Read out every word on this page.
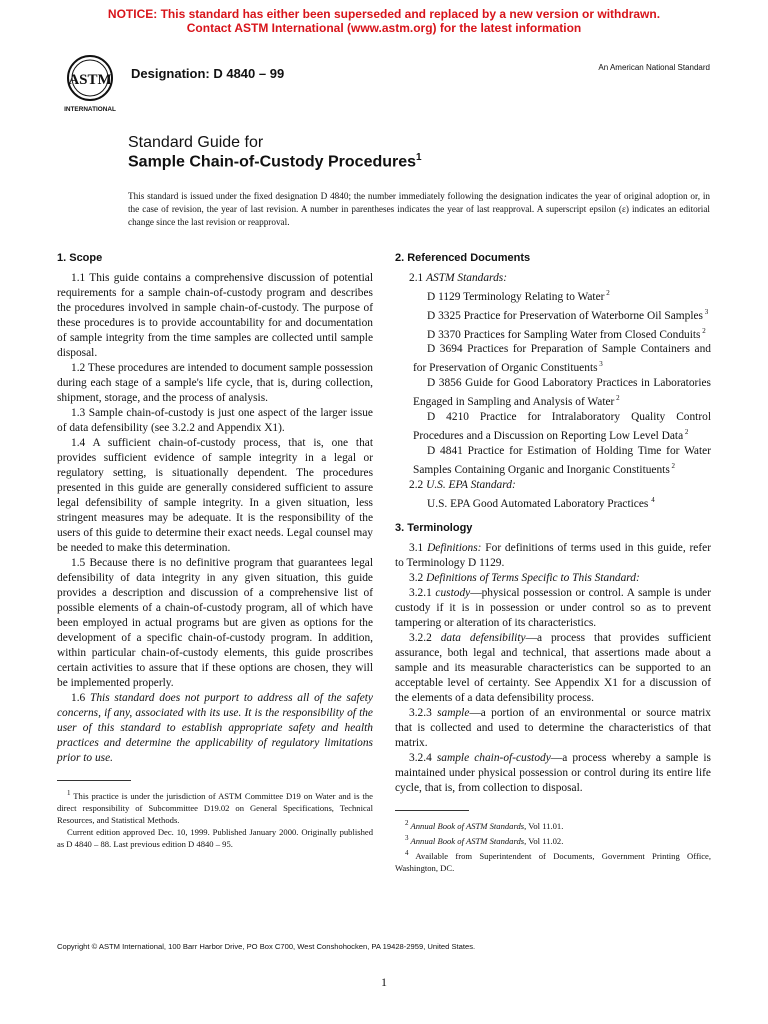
NOTICE: This standard has either been superseded and replaced by a new version or withdrawn.
Contact ASTM International (www.astm.org) for the latest information
ASTM
INTERNATIONAL
Designation: D 4840 – 99	An American National Standard
Standard Guide for
Sample Chain-of-Custody Procedures$^1$
This standard is issued under the fixed designation D 4840; the number immediately following the designation indicates the year of original adoption or, in the case of revision, the year of last revision. A number in parentheses indicates the year of last reapproval. A superscript epsilon (ε) indicates an editorial change since the last revision or reapproval.

1. Scope

1.1 This guide contains a comprehensive discussion of potential requirements for a sample chain-of-custody program and describes the procedures involved in sample chain-of-custody. The purpose of these procedures is to provide accountability for and documentation of sample integrity from the time samples are collected until sample disposal.

1.2 These procedures are intended to document sample possession during each stage of a sample's life cycle, that is, during collection, shipment, storage, and the process of analysis.

1.3 Sample chain-of-custody is just one aspect of the larger issue of data defensibility (see 3.2.2 and Appendix X1).

1.4 A sufficient chain-of-custody process, that is, one that provides sufficient evidence of sample integrity in a legal or regulatory setting, is situationally dependent. The procedures presented in this guide are generally considered sufficient to assure legal defensibility of sample integrity. In a given situation, less stringent measures may be adequate. It is the responsibility of the users of this guide to determine their exact needs. Legal counsel may be needed to make this determination.

1.5 Because there is no definitive program that guarantees legal defensibility of data integrity in any given situation, this guide provides a description and discussion of a comprehensive list of possible elements of a chain-of-custody program, all of which have been employed in actual programs but are given as options for the development of a specific chain-of-custody program. In addition, within particular chain-of-custody elements, this guide proscribes certain activities to assure that if these options are chosen, they will be implemented properly.

1.6 This standard does not purport to address all of the safety concerns, if any, associated with its use. It is the responsibility of the user of this standard to establish appropriate safety and health practices and determine the applicability of regulatory limitations prior to use.

$^1$ This practice is under the jurisdiction of ASTM Committee D19 on Water and is the direct responsibility of Subcommittee D19.02 on General Specifications, Technical Resources, and Statistical Methods.

Current edition approved Dec. 10, 1999. Published January 2000. Originally published as D 4840 – 88. Last previous edition D 4840 – 95.

2. Referenced Documents

2.1 ASTM Standards:

D 1129 Terminology Relating to Water $^2$

D 3325 Practice for Preservation of Waterborne Oil Samples $^3$

D 3370 Practices for Sampling Water from Closed Conduits $^2$

D 3694 Practices for Preparation of Sample Containers and for Preservation of Organic Constituents $^3$

D 3856 Guide for Good Laboratory Practices in Laboratories Engaged in Sampling and Analysis of Water $^2$

D 4210 Practice for Intralaboratory Quality Control Procedures and a Discussion on Reporting Low Level Data $^2$

D 4841 Practice for Estimation of Holding Time for Water Samples Containing Organic and Inorganic Constituents $^2$

2.2 U.S. EPA Standard:

U.S. EPA Good Automated Laboratory Practices $^4$

3. Terminology

3.1 Definitions: For definitions of terms used in this guide, refer to Terminology D 1129.

3.2 Definitions of Terms Specific to This Standard:

3.2.1 custody—physical possession or control. A sample is under custody if it is in possession or under control so as to prevent tampering or alteration of its characteristics.

3.2.2 data defensibility—a process that provides sufficient assurance, both legal and technical, that assertions made about a sample and its measurable characteristics can be supported to an acceptable level of certainty. See Appendix X1 for a discussion of the elements of a data defensibility process.

3.2.3 sample—a portion of an environmental or source matrix that is collected and used to determine the characteristics of that matrix.

3.2.4 sample chain-of-custody—a process whereby a sample is maintained under physical possession or control during its entire life cycle, that is, from collection to disposal.

$^2$ Annual Book of ASTM Standards, Vol 11.01.

$^3$ Annual Book of ASTM Standards, Vol 11.02.

$^4$ Available from Superintendent of Documents, Government Printing Office, Washington, DC.

Copyright © ASTM International, 100 Barr Harbor Drive, PO Box C700, West Conshohocken, PA 19428-2959, United States.
1
